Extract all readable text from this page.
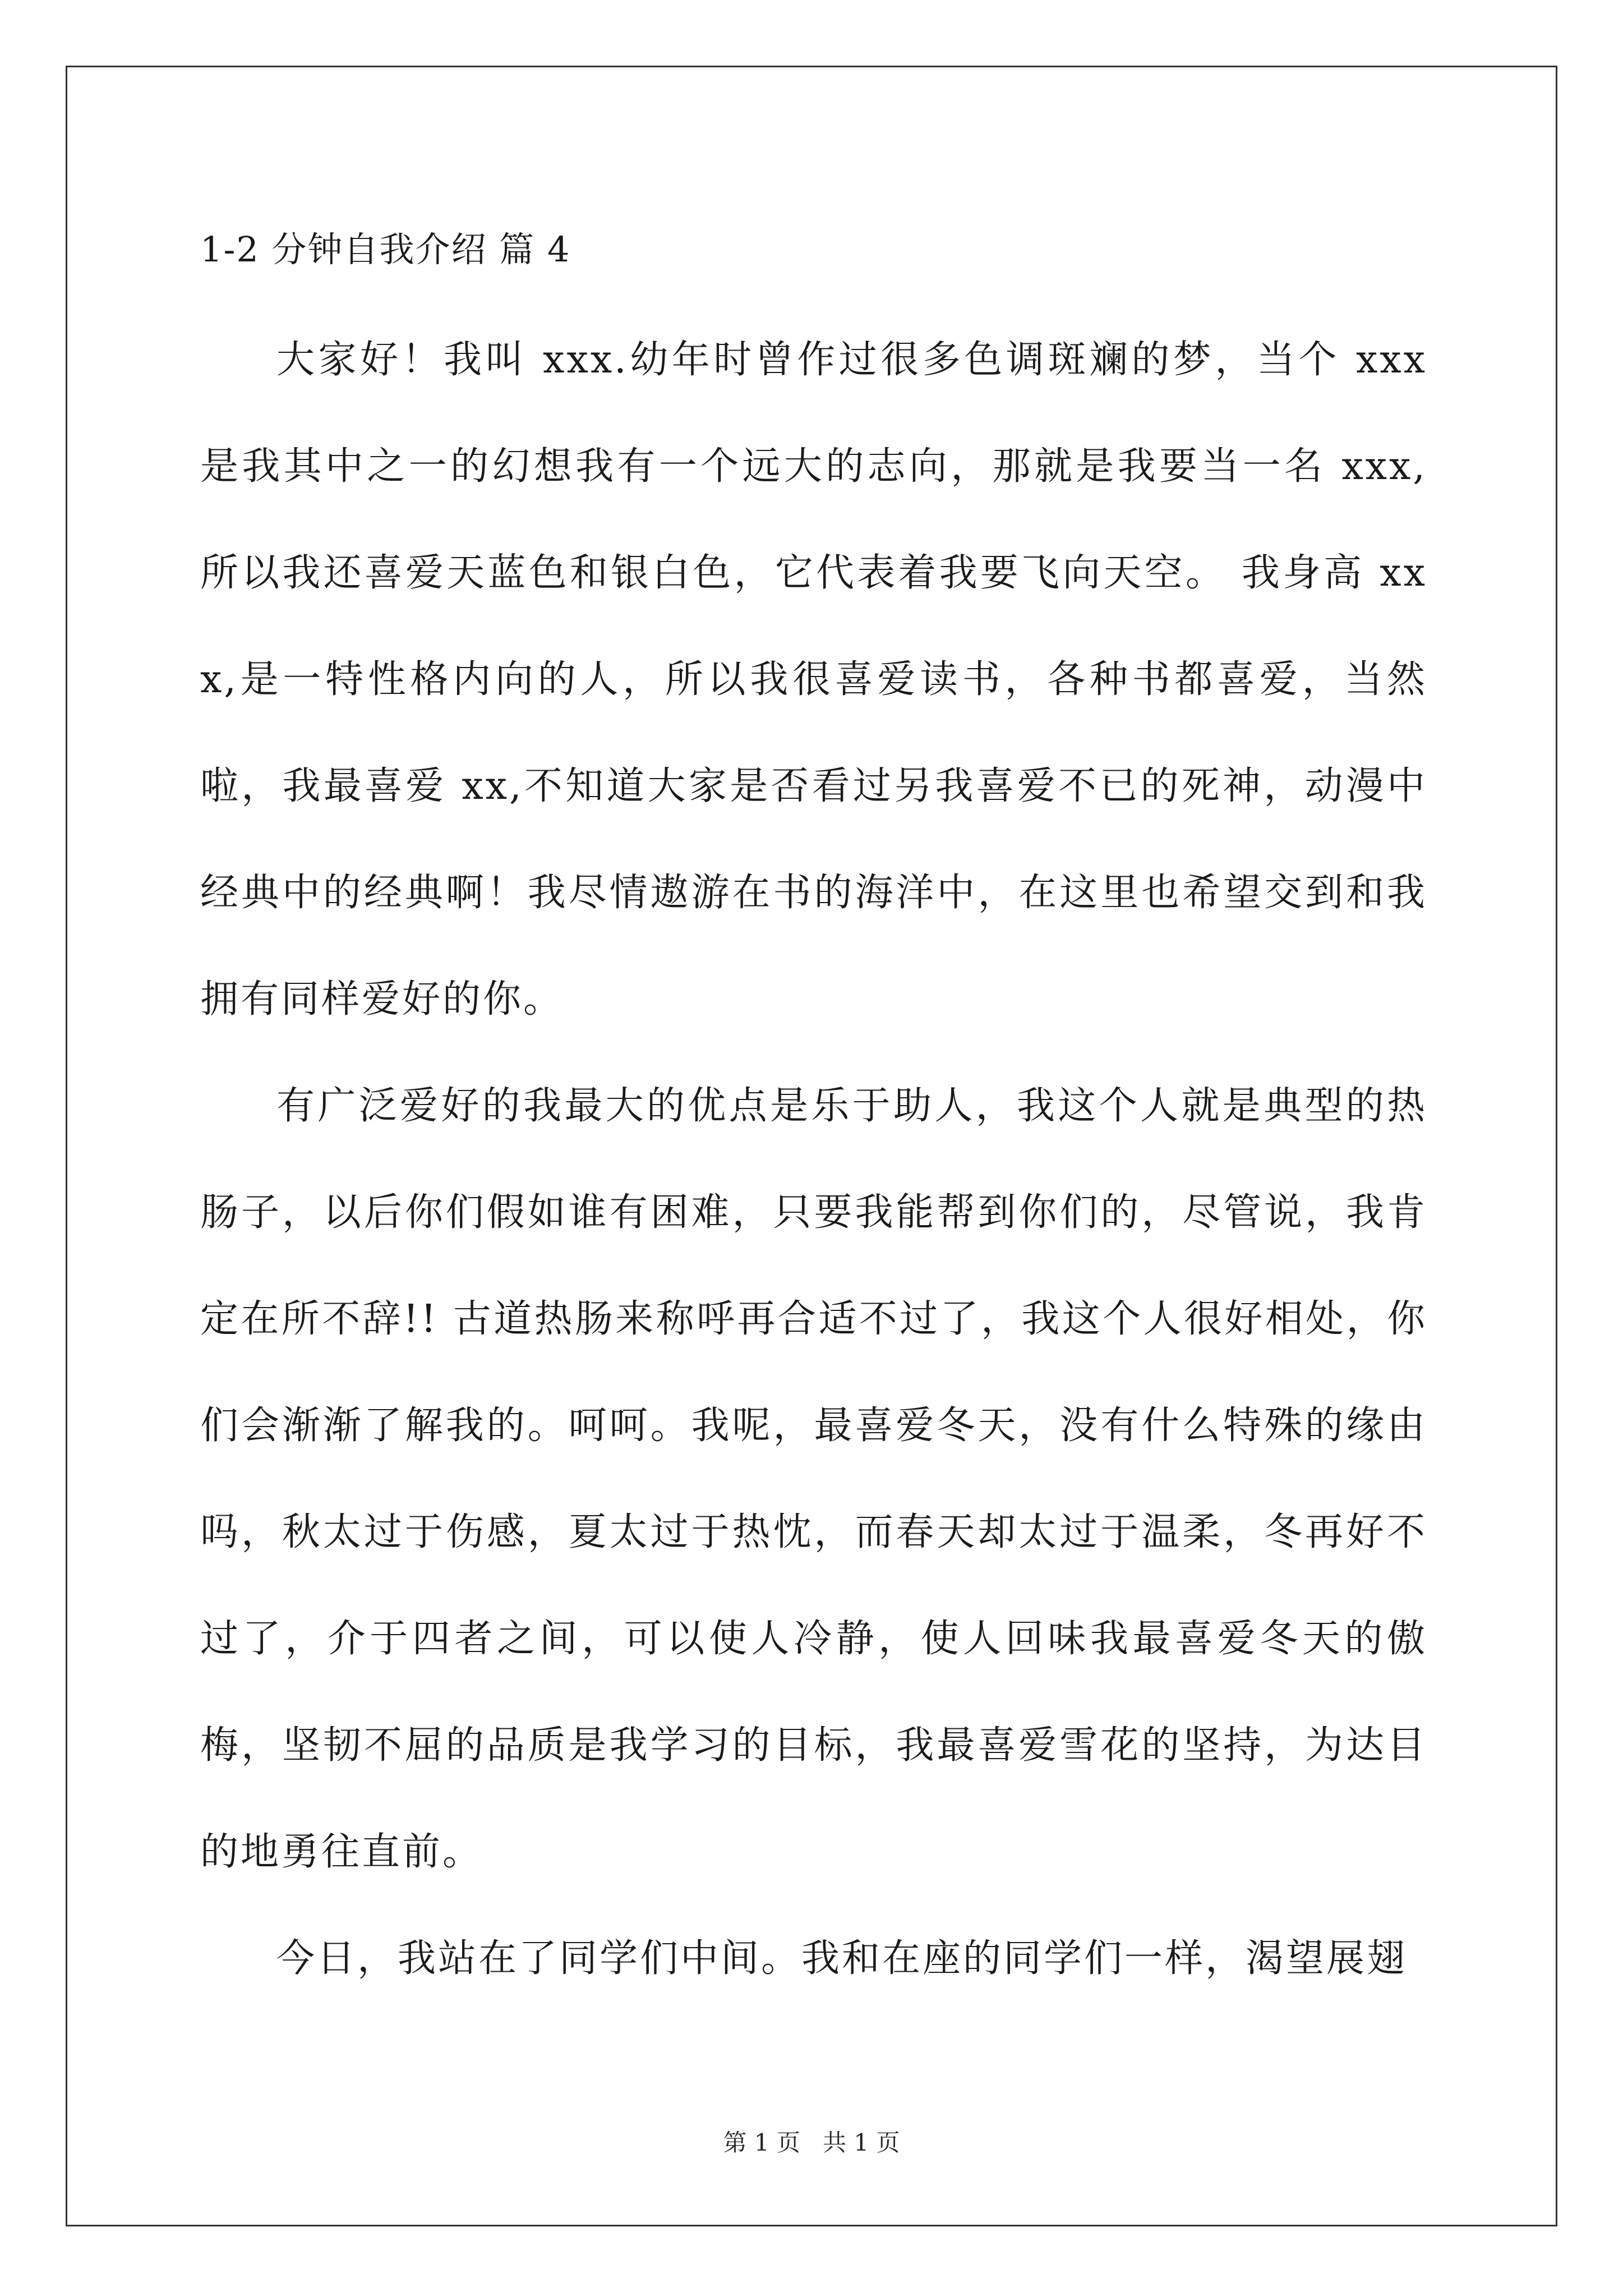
1-2 分钟自我介绍 篇 4

大家好！我叫 xxx.幼年时曾作过很多色调斑斓的梦，当个 xxx 是我其中之一的幻想我有一个远大的志向，那就是我要当一名 xxx,所以我还喜爱天蓝色和银白色，它代表着我要飞向天空。 我身高 xxx,是一特性格内向的人，所以我很喜爱读书，各种书都喜爱，当然啦，我最喜爱 xx,不知道大家是否看过另我喜爱不已的死神，动漫中经典中的经典啊！我尽情遨游在书的海洋中，在这里也希望交到和我拥有同样爱好的你。

有广泛爱好的我最大的优点是乐于助人，我这个人就是典型的热肠子，以后你们假如谁有困难，只要我能帮到你们的，尽管说，我肯定在所不辞!! 古道热肠来称呼再合适不过了，我这个人很好相处，你们会渐渐了解我的。呵呵。我呢，最喜爱冬天，没有什么特殊的缘由吗，秋太过于伤感，夏太过于热忱，而春天却太过于温柔，冬再好不过了，介于四者之间，可以使人冷静，使人回味我最喜爱冬天的傲梅，坚韧不屈的品质是我学习的目标，我最喜爱雪花的坚持，为达目的地勇往直前。

今日，我站在了同学们中间。我和在座的同学们一样，渴望展翅

第 1 页   共 1 页
